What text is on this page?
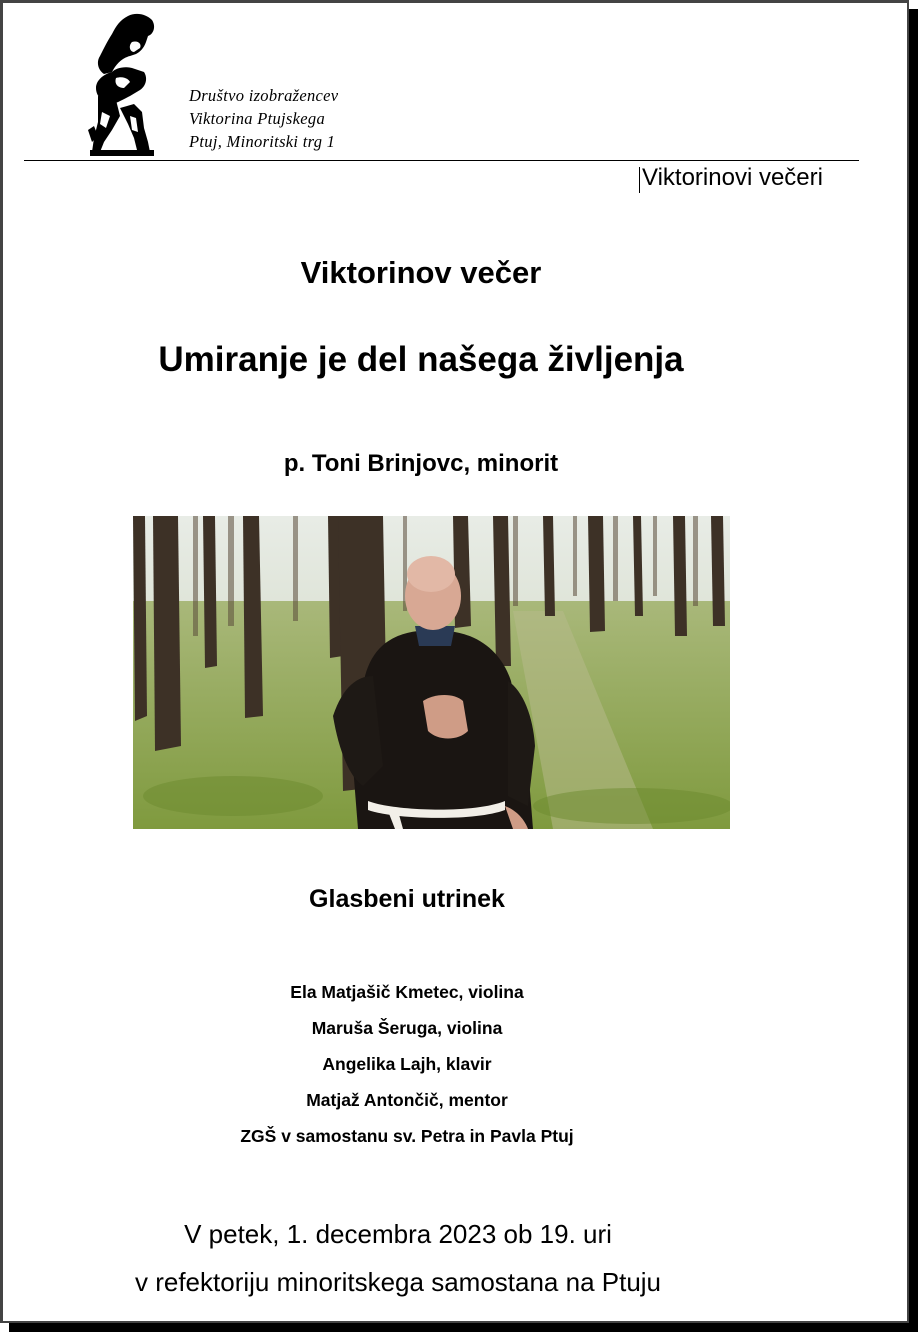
Društvo izobražencev
Viktorina Ptujskega
Ptuj, Minoritski trg 1
Viktorinovi večeri
Viktorinov večer
Umiranje je del našega življenja
p. Toni Brinjovc, minorit
Glasbeni utrinek
Ela Matjašič Kmetec, violina
Maruša Šeruga, violina
Angelika Lajh, klavir
Matjaž Antončič, mentor
ZGŠ v samostanu sv. Petra in Pavla Ptuj
V petek, 1. decembra 2023 ob 19. uri
v refektoriju minoritskega samostana na Ptuju
